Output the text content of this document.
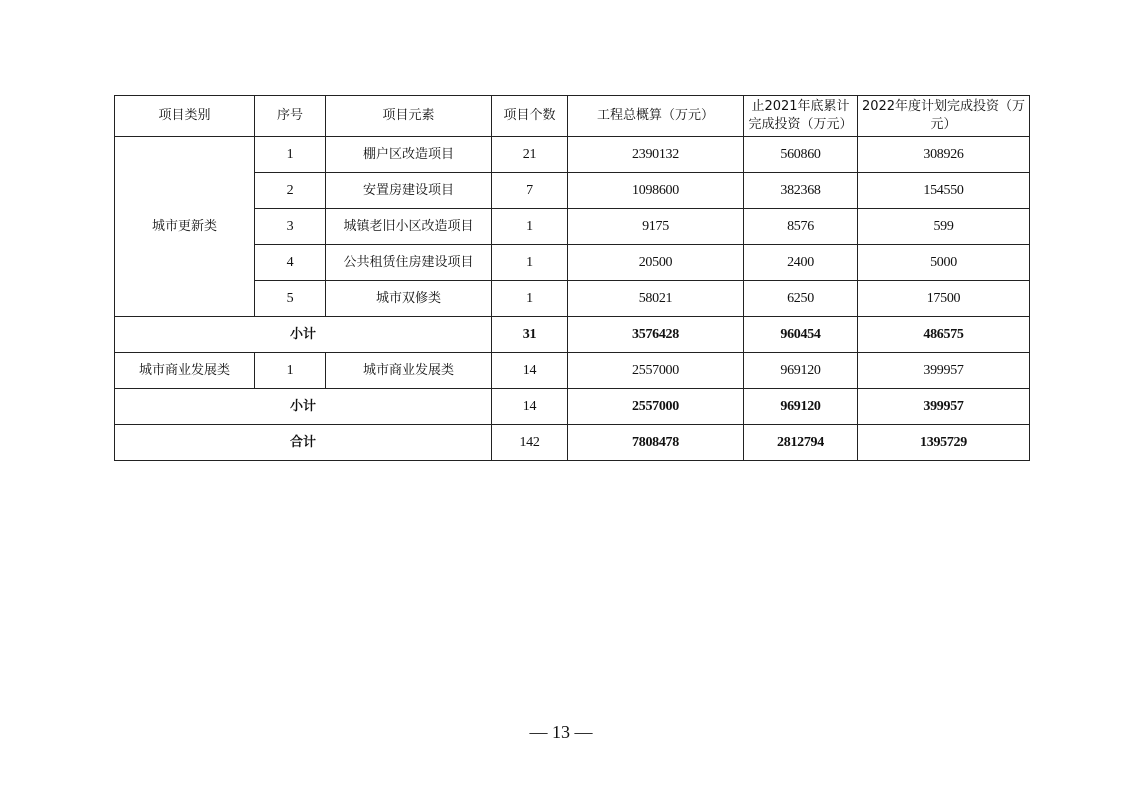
项目类别	序号	项目元素	项目个数	工程总概算（万元）	止2021年底累计完成投资（万元）	2022年度计划完成投资（万元）
城市更新类	1	棚户区改造项目	21	2390132	560860	308926
	2	安置房建设项目	7	1098600	382368	154550
	3	城镇老旧小区改造项目	1	9175	8576	599
	4	公共租赁住房建设项目	1	20500	2400	5000
	5	城市双修类	1	58021	6250	17500
小计			31	3576428	960454	486575
城市商业发展类	1	城市商业发展类	14	2557000	969120	399957
小计			14	2557000	969120	399957
合计			142	7808478	2812794	1395729
— 13 —
